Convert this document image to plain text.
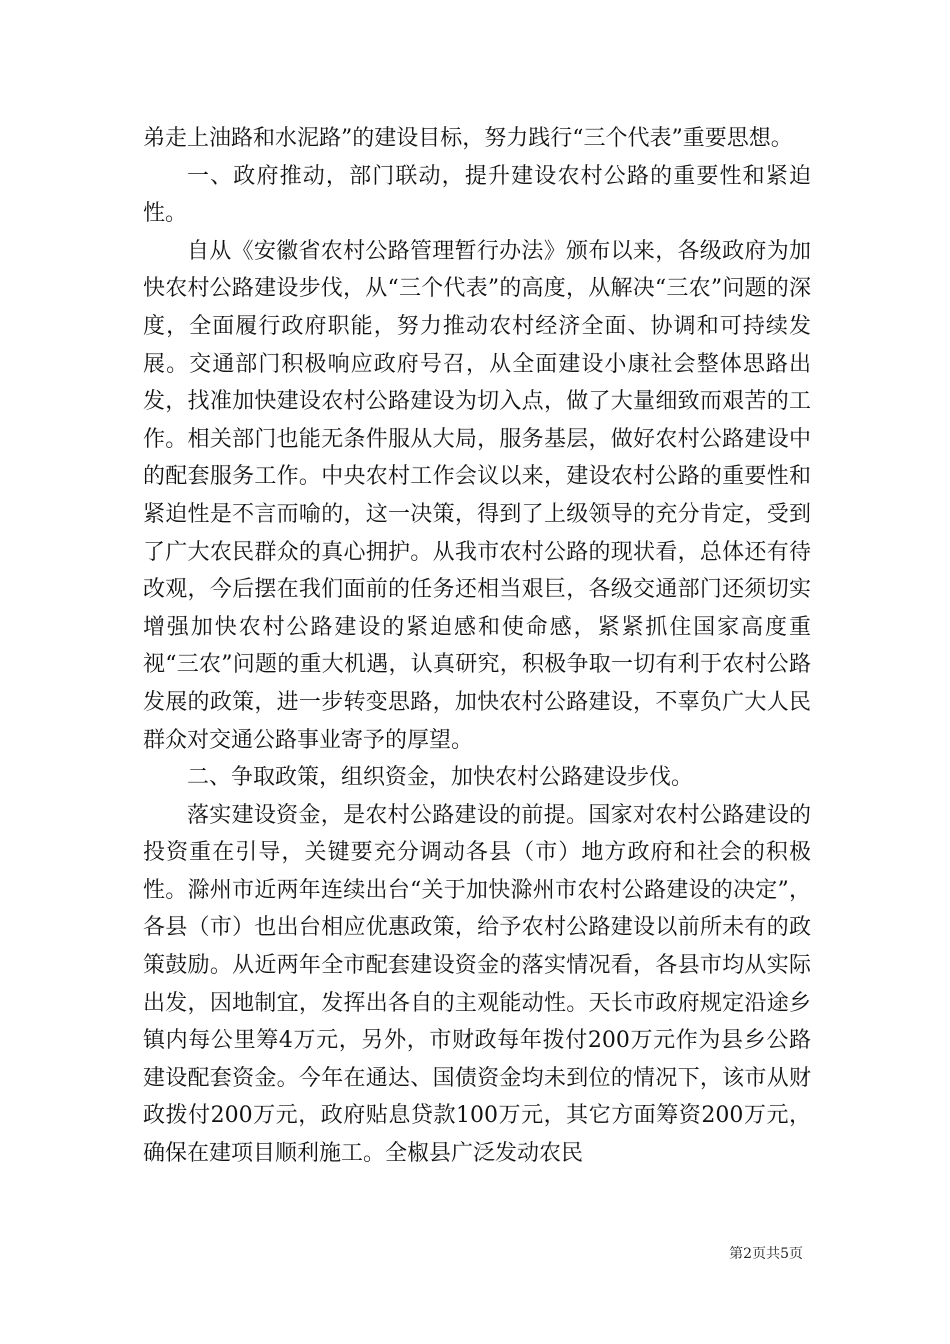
弟走上油路和水泥路”的建设目标，努力践行“三个代表”重要思想。

一、政府推动，部门联动，提升建设农村公路的重要性和紧迫性。

自从《安徽省农村公路管理暂行办法》颁布以来，各级政府为加快农村公路建设步伐，从“三个代表”的高度，从解决“三农”问题的深度，全面履行政府职能，努力推动农村经济全面、协调和可持续发展。交通部门积极响应政府号召，从全面建设小康社会整体思路出发，找准加快建设农村公路建设为切入点，做了大量细致而艰苦的工作。相关部门也能无条件服从大局，服务基层，做好农村公路建设中的配套服务工作。中央农村工作会议以来，建设农村公路的重要性和紧迫性是不言而喻的，这一决策，得到了上级领导的充分肯定，受到了广大农民群众的真心拥护。从我市农村公路的现状看，总体还有待改观，今后摆在我们面前的任务还相当艰巨，各级交通部门还须切实增强加快农村公路建设的紧迫感和使命感，紧紧抓住国家高度重视“三农”问题的重大机遇，认真研究，积极争取一切有利于农村公路发展的政策，进一步转变思路，加快农村公路建设，不辜负广大人民群众对交通公路事业寄予的厚望。

二、争取政策，组织资金，加快农村公路建设步伐。

落实建设资金，是农村公路建设的前提。国家对农村公路建设的投资重在引导，关键要充分调动各县（市）地方政府和社会的积极性。滁州市近两年连续出台“关于加快滁州市农村公路建设的决定”，各县（市）也出台相应优惠政策，给予农村公路建设以前所未有的政策鼓励。从近两年全市配套建设资金的落实情况看，各县市均从实际出发，因地制宜，发挥出各自的主观能动性。天长市政府规定沿途乡镇内每公里筹4万元，另外，市财政每年拨付200万元作为县乡公路建设配套资金。今年在通达、国债资金均未到位的情况下，该市从财政拨付200万元，政府贴息贷款100万元，其它方面筹资200万元，确保在建项目顺利施工。全椒县广泛发动农民

第2页共5页
